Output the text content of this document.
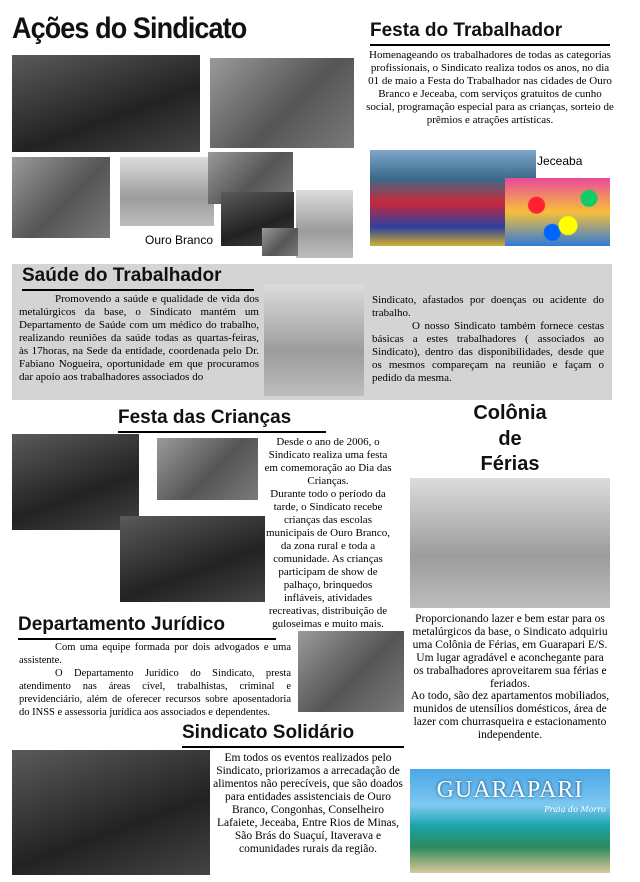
Ações do Sindicato
Ouro Branco
Festa do Trabalhador
Homenageando os trabalhadores de todas as categorias profissionais, o Sindicato realiza todos os anos, no dia 01 de maio a Festa do Trabalhador nas cidades de Ouro Branco e Jeceaba, com serviços gratuitos de cunho social, programação especial para as crianças, sorteio de prêmios e atrações artísticas.
Jeceaba
Saúde do Trabalhador
Promovendo a saúde e qualidade de vida dos metalúrgicos da base, o Sindicato mantém um Departamento de Saúde com um médico do trabalho, realizando reuniões da saúde todas as quartas-feiras, às 17horas, na Sede da entidade, coordenada pelo Dr. Fabiano Nogueira, oportunidade em que procuramos dar apoio aos trabalhadores associados do
Sindicato, afastados por doenças ou acidente do trabalho.
O nosso Sindicato também fornece cestas básicas a estes trabalhadores ( associados ao Sindicato), dentro das disponibilidades, desde que os mesmos compareçam na reunião e façam o pedido da mesma.
Festa das Crianças
Desde o ano de 2006, o Sindicato realiza uma festa em comemoração ao Dia das Crianças.
Durante todo o período da tarde, o Sindicato recebe crianças das escolas municipais de Ouro Branco, da zona rural e toda a comunidade. As crianças participam de show de palhaço, brinquedos infláveis, atividades recreativas, distribuição de guloseimas e muito mais.
Colônia
de
Férias
Proporcionando lazer e bem estar para os metalúrgicos da base, o Sindicato adquiriu uma Colônia de Férias, em Guarapari E/S. Um lugar agradável e aconchegante para os trabalhadores aproveitarem sua férias e feriados.
Ao todo, são dez apartamentos mobiliados, munidos de utensílios domésticos, área de lazer com churrasqueira e estacionamento independente.
GUARAPARI
Praia do Morro
Departamento Jurídico
Com uma equipe formada por dois advogados e uma assistente.
O Departamento Jurídico do Sindicato, presta atendimento nas áreas cível, trabalhistas, criminal e previdenciário, além de oferecer recursos sobre aposentadoria do INSS e assessoria jurídica aos associados e dependentes.
Sindicato Solidário
Em todos os eventos realizados pelo Sindicato, priorizamos a arrecadação de alimentos não perecíveis, que são doados para entidades assistenciais de Ouro Branco, Congonhas, Conselheiro Lafaiete, Jeceaba, Entre Rios de Minas, São Brás do Suaçuí, Itaverava e comunidades rurais da região.
